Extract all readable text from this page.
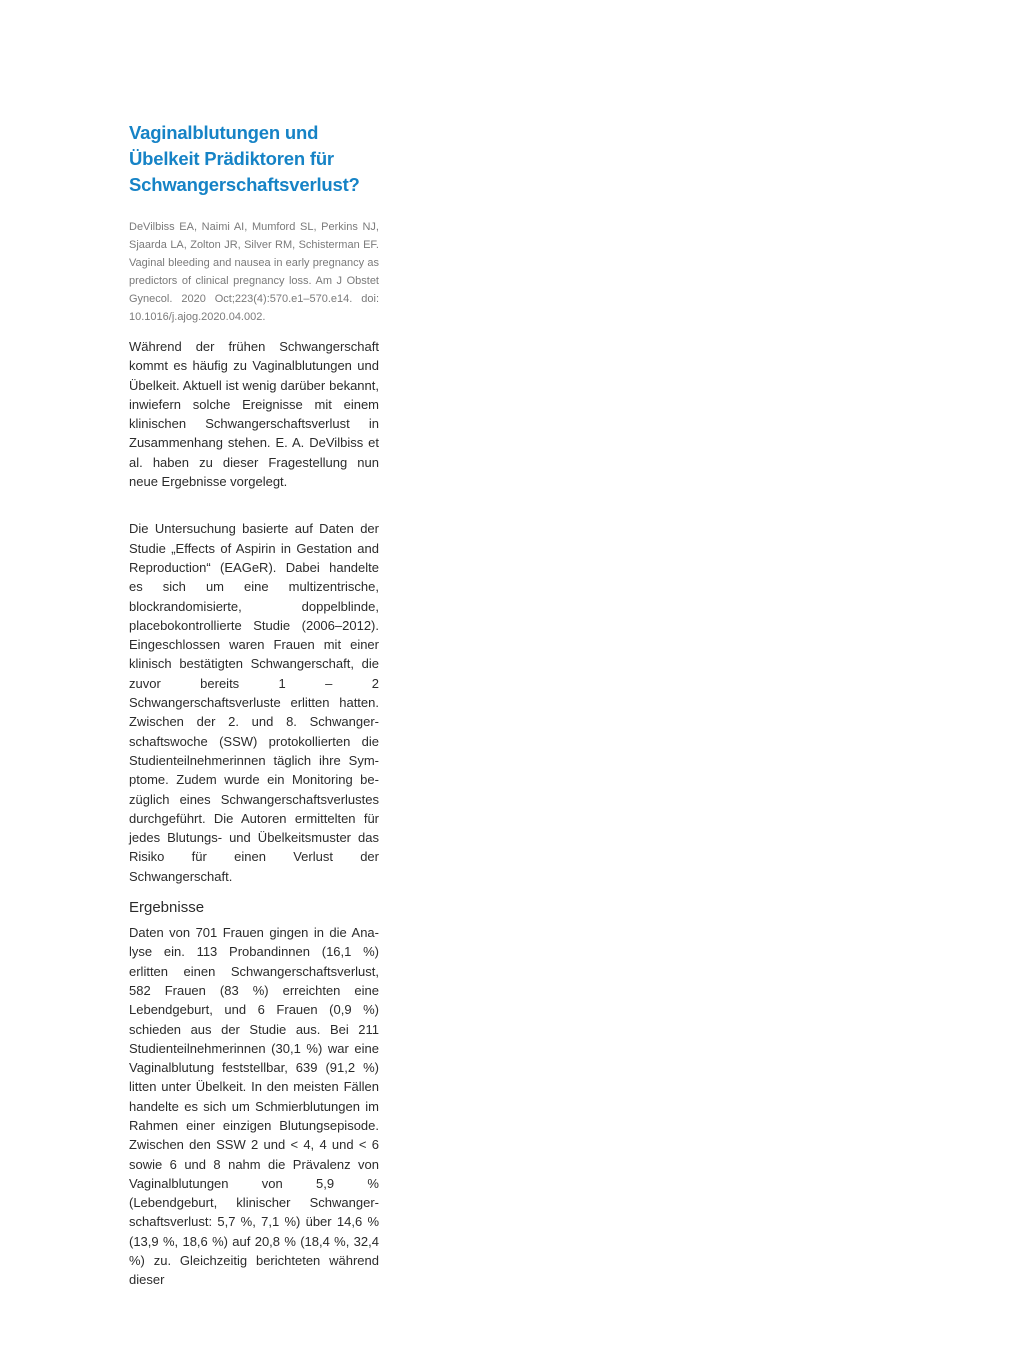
Vaginalblutungen und Übelkeit Prädiktoren für Schwangerschaftsverlust?

DeVilbiss EA, Naimi AI, Mumford SL, Perkins NJ, Sjaarda LA, Zolton JR, Silver RM, Schisterman EF. Vaginal bleeding and nausea in early pregnancy as predictors of clinical pregnancy loss. Am J Obstet Gynecol. 2020 Oct;223(4):570.e1–570.e14. doi: 10.1016/j.ajog.2020.04.002.

Während der frühen Schwangerschaft kommt es häufig zu Vaginalblutungen und Übelkeit. Aktuell ist wenig darüber bekannt, inwiefern solche Ereignisse mit einem klinischen Schwangerschaftsverlust in Zusammenhang stehen. E. A. DeVilbiss et al. haben zu dieser Fragestellung nun neue Ergebnisse vorgelegt.

Die Untersuchung basierte auf Daten der Studie „Effects of Aspirin in Gestation and Reproduction“ (EAGeR). Dabei handelte es sich um eine multizentrische, blockrandomisierte, doppelblinde, placebokontrollierte Studie (2006–2012). Eingeschlossen waren Frauen mit einer klinisch bestätigten Schwangerschaft, die zuvor bereits 1 – 2 Schwangerschaftsverluste erlitten hatten. Zwischen der 2. und 8. Schwangerschaftswoche (SSW) protokollierten die Studienteilnehmerinnen täglich ihre Symptome. Zudem wurde ein Monitoring bezüglich eines Schwangerschaftsverlustes durchgeführt. Die Autoren ermittelten für jedes Blutungs- und Übelkeitsmuster das Risiko für einen Verlust der Schwangerschaft.

Ergebnisse

Daten von 701 Frauen gingen in die Analyse ein. 113 Probandinnen (16,1 %) erlitten einen Schwangerschaftsverlust, 582 Frauen (83 %) erreichten eine Lebendgeburt, und 6 Frauen (0,9 %) schieden aus der Studie aus. Bei 211 Studienteilnehmerinnen (30,1 %) war eine Vaginalblutung feststellbar, 639 (91,2 %) litten unter Übelkeit. In den meisten Fällen handelte es sich um Schmierblutungen im Rahmen einer einzigen Blutungsepisode. Zwischen den SSW 2 und < 4, 4 und < 6 sowie 6 und 8 nahm die Prävalenz von Vaginalblutungen von 5,9 % (Lebendgeburt, klinischer Schwangerschaftsverlust: 5,7 %, 7,1 %) über 14,6 % (13,9 %, 18,6 %) auf 20,8 % (18,4 %, 32,4 %) zu. Gleichzeitig berichteten während dieser
